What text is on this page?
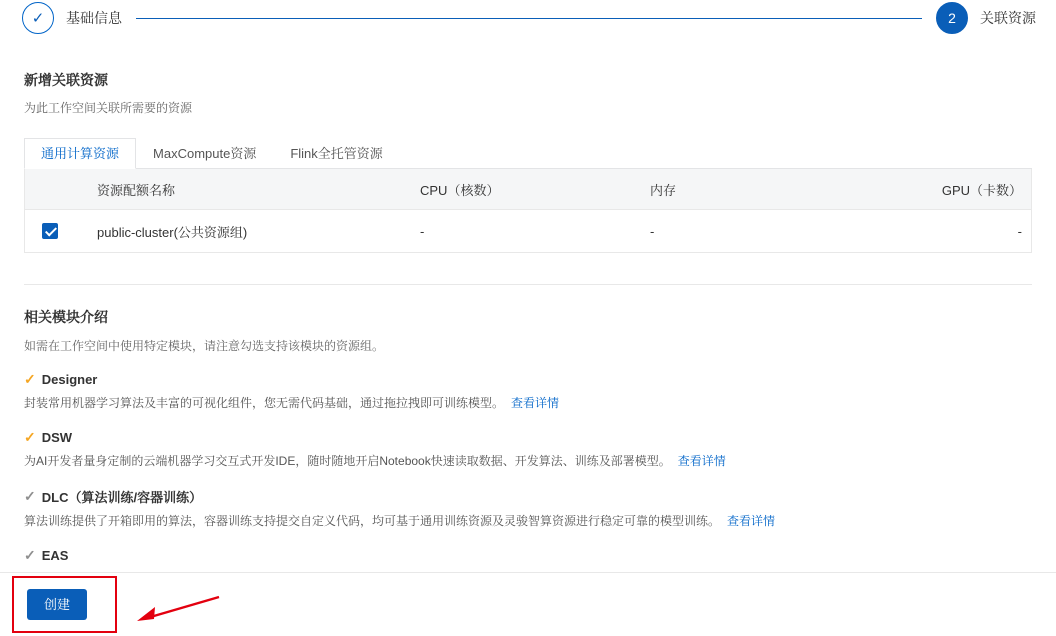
✓ 基础信息	2 关联资源
新增关联资源
为此工作空间关联所需要的资源
通用计算资源	MaxCompute资源	Flink全托管资源
资源配额名称	CPU（核数）	内存	GPU（卡数）
public-cluster(公共资源组)	-	-	-
相关模块介绍
如需在工作空间中使用特定模块，请注意勾选支持该模块的资源组。
✓ Designer
封装常用机器学习算法及丰富的可视化组件，您无需代码基础，通过拖拉拽即可训练模型。 查看详情
✓ DSW
为AI开发者量身定制的云端机器学习交互式开发IDE，随时随地开启Notebook快速读取数据、开发算法、训练及部署模型。 查看详情
✓ DLC（算法训练/容器训练）
算法训练提供了开箱即用的算法，容器训练支持提交自定义代码，均可基于通用训练资源及灵骏智算资源进行稳定可靠的模型训练。 查看详情
✓ EAS
创建
